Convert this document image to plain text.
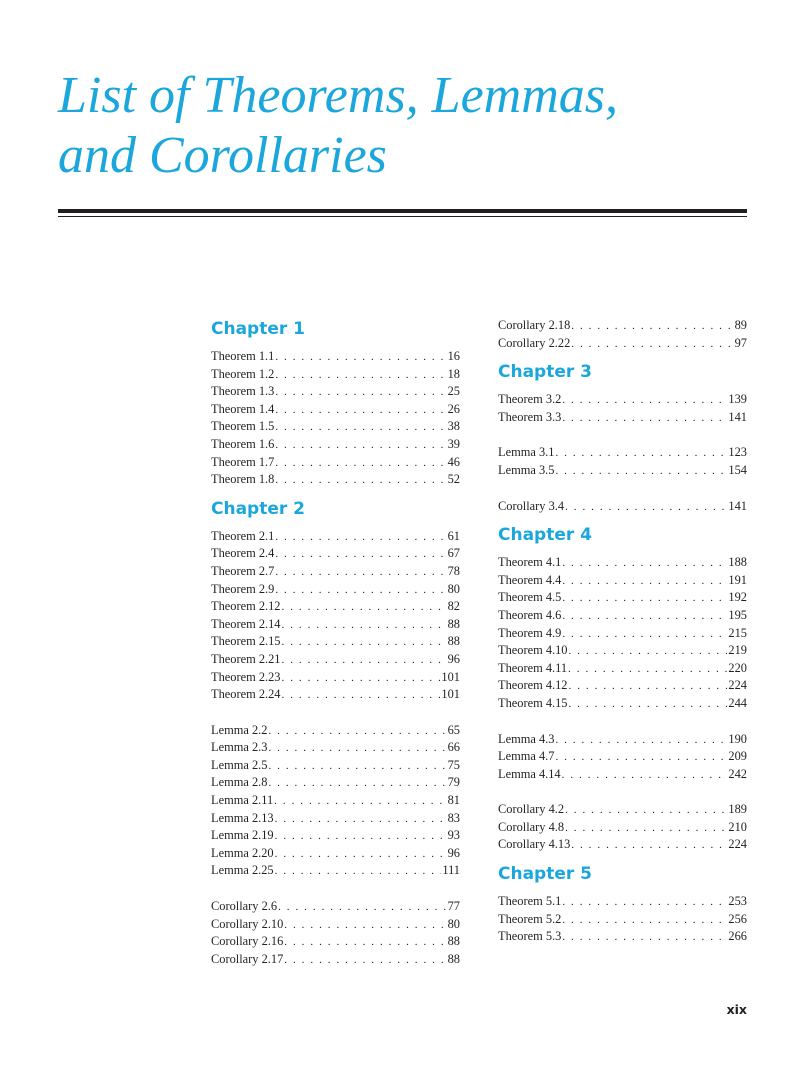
List of Theorems, Lemmas,
and Corollaries
Chapter 1
Theorem 1.1 . . .	16
Theorem 1.2 . . .	18
Theorem 1.3 . . .	25
Theorem 1.4 . . .	26
Theorem 1.5 . . .	38
Theorem 1.6 . . .	39
Theorem 1.7 . . .	46
Theorem 1.8 . . .	52
Chapter 2
Theorem 2.1 . . .	61
Theorem 2.4 . . .	67
Theorem 2.7 . . .	78
Theorem 2.9 . . .	80
Theorem 2.12 . . .	82
Theorem 2.14 . . .	88
Theorem 2.15 . . .	88
Theorem 2.21 . . .	96
Theorem 2.23 . . .	101
Theorem 2.24 . . .	101
Lemma 2.2 . . .	65
Lemma 2.3 . . .	66
Lemma 2.5 . . .	75
Lemma 2.8 . . .	79
Lemma 2.11 . . .	81
Lemma 2.13 . . .	83
Lemma 2.19 . . .	93
Lemma 2.20 . . .	96
Lemma 2.25 . . .	111
Corollary 2.6 . . .	77
Corollary 2.10 . . .	80
Corollary 2.16 . . .	88
Corollary 2.17 . . .	88
Corollary 2.18 . . .	89
Corollary 2.22 . . .	97
Chapter 3
Theorem 3.2 . . .	139
Theorem 3.3 . . .	141
Lemma 3.1 . . .	123
Lemma 3.5 . . .	154
Corollary 3.4 . . .	141
Chapter 4
Theorem 4.1 . . .	188
Theorem 4.4 . . .	191
Theorem 4.5 . . .	192
Theorem 4.6 . . .	195
Theorem 4.9 . . .	215
Theorem 4.10 . . .	219
Theorem 4.11 . . .	220
Theorem 4.12 . . .	224
Theorem 4.15 . . .	244
Lemma 4.3 . . .	190
Lemma 4.7 . . .	209
Lemma 4.14 . . .	242
Corollary 4.2 . . .	189
Corollary 4.8 . . .	210
Corollary 4.13 . . .	224
Chapter 5
Theorem 5.1 . . .	253
Theorem 5.2 . . .	256
Theorem 5.3 . . .	266
xix
